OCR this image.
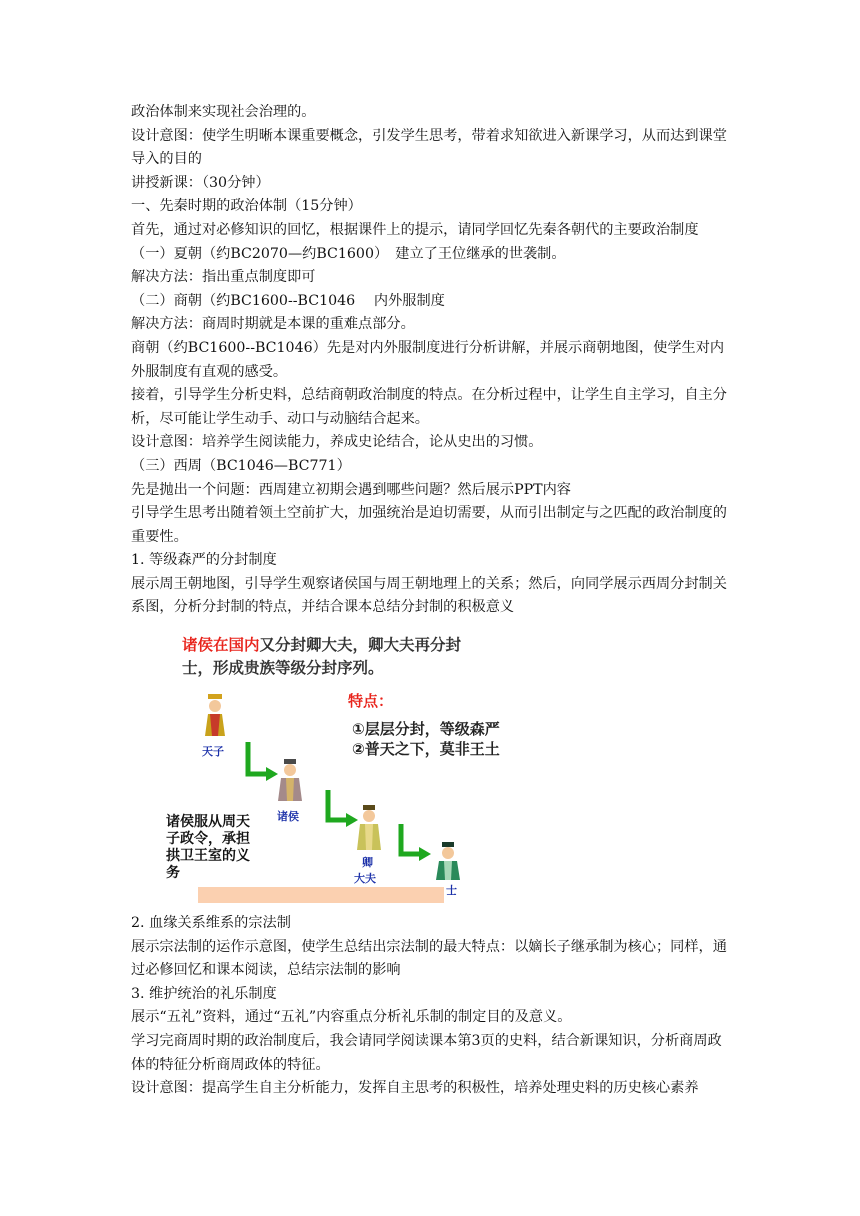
政治体制来实现社会治理的。

设计意图：使学生明晰本课重要概念，引发学生思考，带着求知欲进入新课学习，从而达到课堂导入的目的

讲授新课：（30分钟）

一、先秦时期的政治体制（15分钟）

首先，通过对必修知识的回忆，根据课件上的提示，请同学回忆先秦各朝代的主要政治制度

（一）夏朝（约BC2070—约BC1600）　建立了王位继承的世袭制。

解决方法：指出重点制度即可

（二）商朝（约BC1600--BC1046　 内外服制度

解决方法：商周时期就是本课的重难点部分。

商朝（约BC1600--BC1046）先是对内外服制度进行分析讲解，并展示商朝地图，使学生对内外服制度有直观的感受。

接着，引导学生分析史料，总结商朝政治制度的特点。在分析过程中，让学生自主学习，自主分析，尽可能让学生动手、动口与动脑结合起来。

设计意图：培养学生阅读能力，养成史论结合，论从史出的习惯。

（三）西周（BC1046—BC771）

先是抛出一个问题：西周建立初期会遇到哪些问题？然后展示PPT内容

引导学生思考出随着领土空前扩大，加强统治是迫切需要，从而引出制定与之匹配的政治制度的重要性。

1. 等级森严的分封制度

展示周王朝地图，引导学生观察诸侯国与周王朝地理上的关系；然后，向同学展示西周分封制关系图，分析分封制的特点，并结合课本总结分封制的积极意义

诸侯在国内又分封卿大夫，卿大夫再分封士，形成贵族等级分封序列。
特点：
①层层分封，等级森严
②普天之下，莫非王土
天子
诸侯
卿
大夫
士
诸侯服从周天子政令，承担拱卫王室的义务

2. 血缘关系维系的宗法制

展示宗法制的运作示意图，使学生总结出宗法制的最大特点：以嫡长子继承制为核心；同样，通过必修回忆和课本阅读，总结宗法制的影响

3. 维护统治的礼乐制度

展示“五礼”资料，通过“五礼”内容重点分析礼乐制的制定目的及意义。

学习完商周时期的政治制度后，我会请同学阅读课本第3页的史料，结合新课知识，分析商周政体的特征分析商周政体的特征。

设计意图：提高学生自主分析能力，发挥自主思考的积极性，培养处理史料的历史核心素养
